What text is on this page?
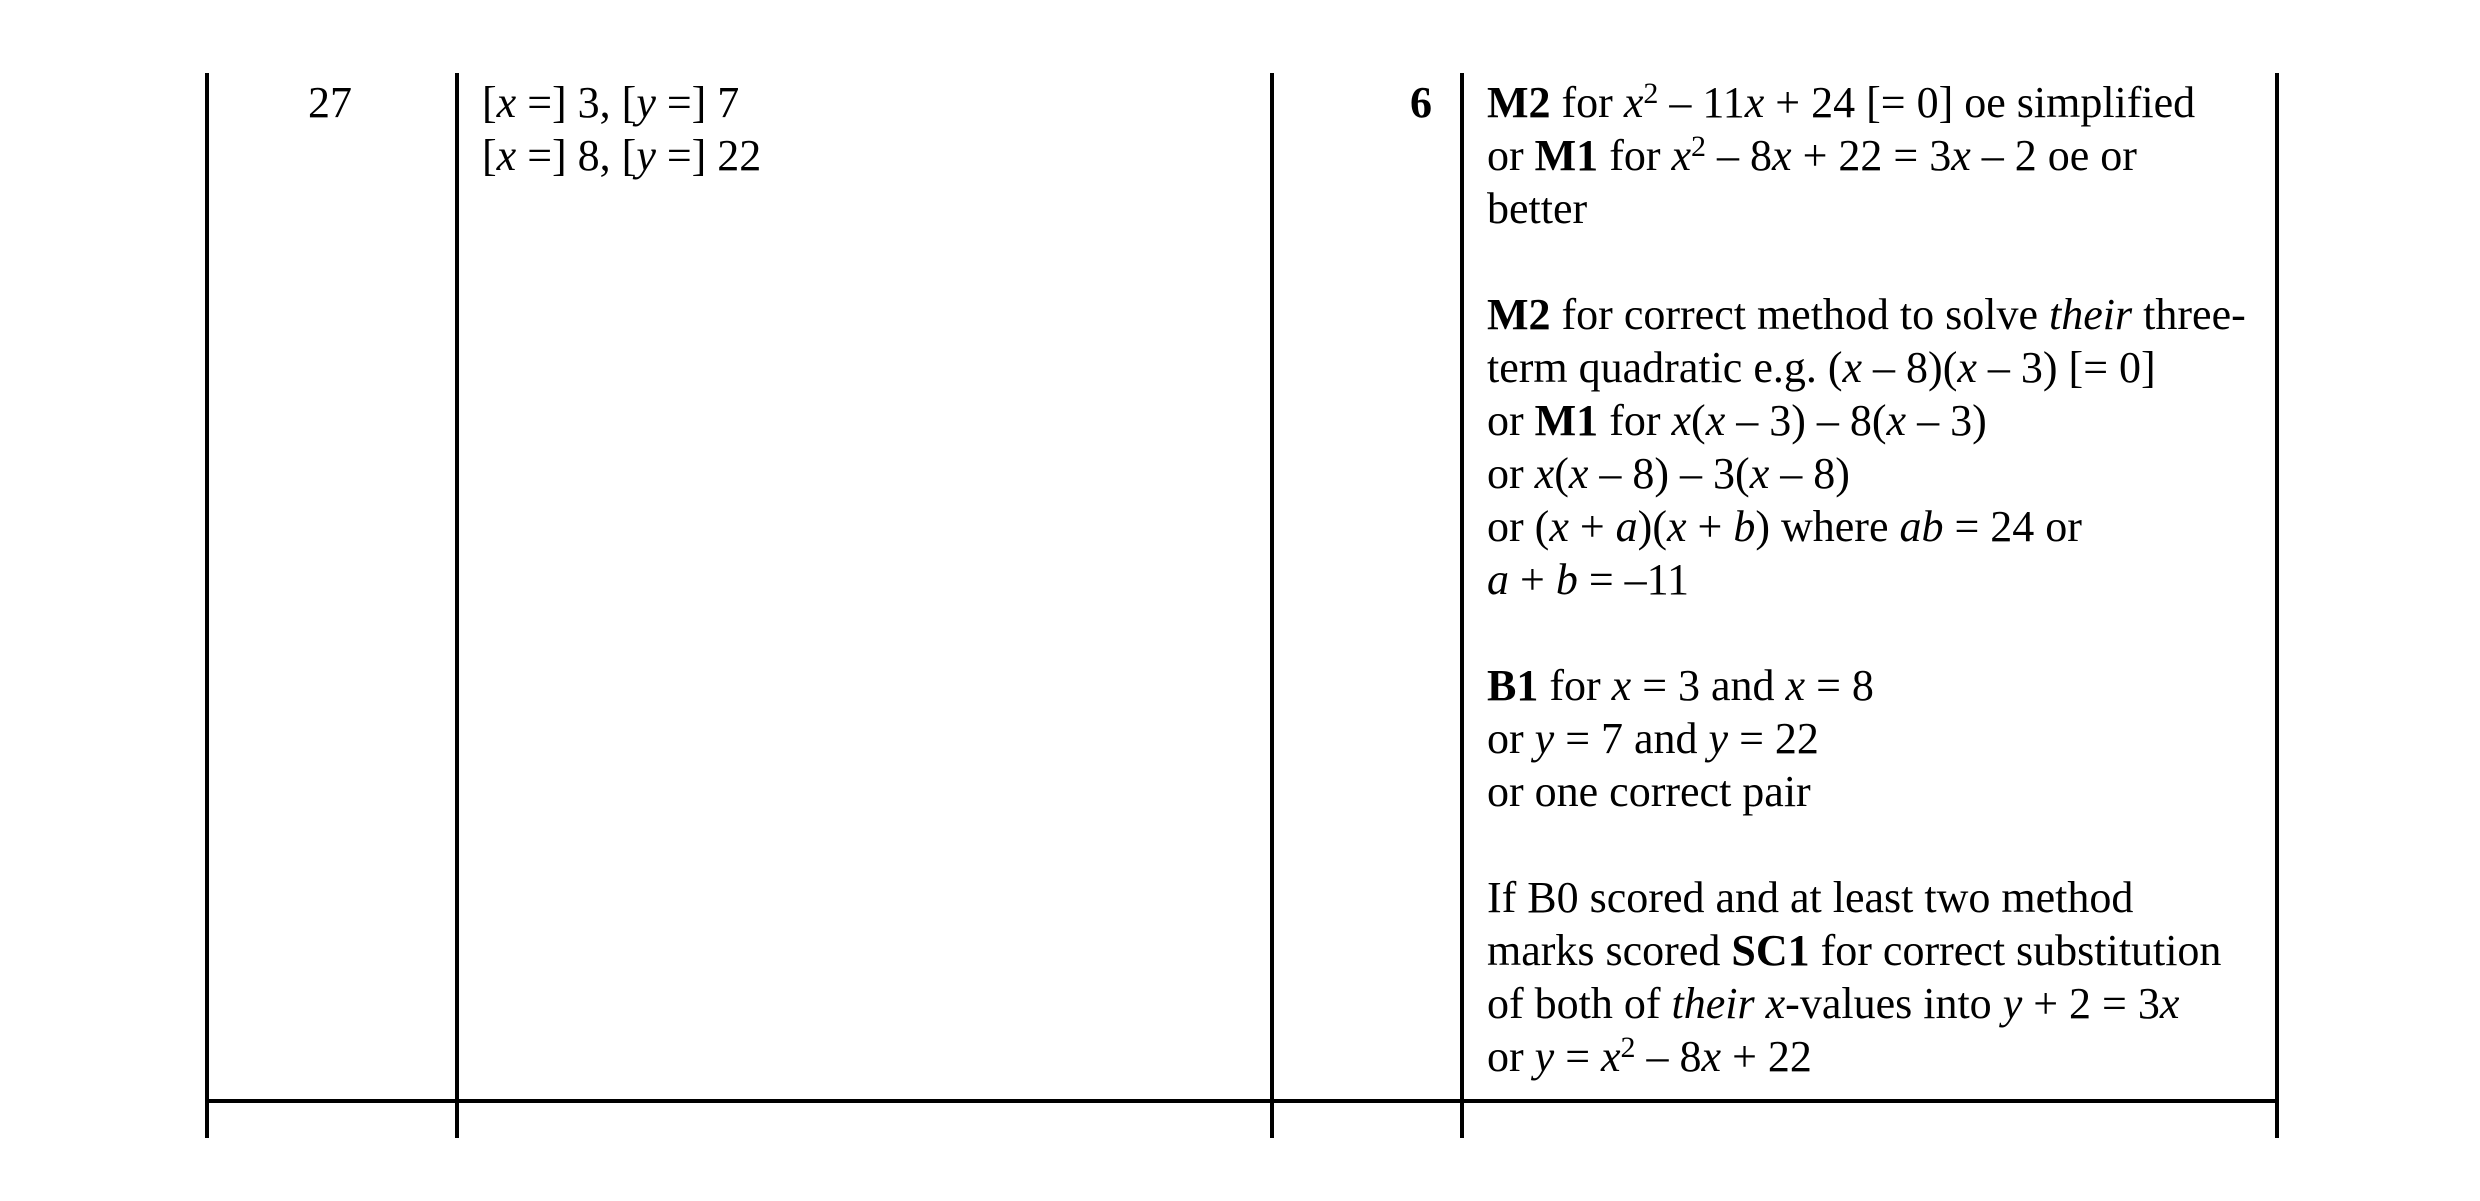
27	[x =] 3, [y =] 7
[x =] 8, [y =] 22
6 M2 for $x^2 - 11x + 24$ [= 0] oe simplified
or M1 for $x^2 - 8x + 22 = 3x - 2$ oe or
better
M2 for correct method to solve their three-
term quadratic e.g. (x – 8)(x – 3) [= 0]
or M1 for x(x – 3) – 8(x – 3)
or x(x – 8) – 3(x – 8)
or (x + a)(x + b) where ab = 24 or
a + b = –11
B1 for x = 3 and x = 8
or y = 7 and y = 22
or one correct pair
If B0 scored and at least two method
marks scored SC1 for correct substitution
of both of their x-values into y + 2 = 3x
or $y = x^2 - 8x + 22$
